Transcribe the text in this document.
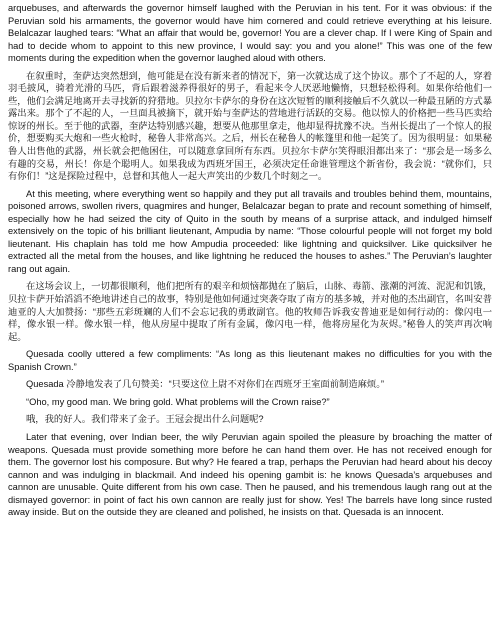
arquebuses, and afterwards the governor himself laughed with the Peruvian in his tent. For it was obvious: if the Peruvian sold his armaments, the governor would have him cornered and could retrieve everything at his leisure. Belalcazar laughed tears: “What an affair that would be, governor! You are a clever chap. If I were King of Spain and had to decide whom to appoint to this new province, I would say: you and you alone!” This was one of the few moments during the expedition when the governor laughed aloud with others.

在叙重时，奎萨达突然想到，他可能是在没有新来者的情况下，第一次就达成了这个协议。那个了不起的人，穿着羽毛披风，骑着光滑的马匹，背后跟着滋养得很好的男子，看起来令人厌恶地懒惰，只想轻松得利。如果你给他们一些，他们会满足地离开去寻找新的狩猎地。贝拉尔卡萨尔的身份在这次短暂的顺利接触后不久就以一种最丑陋的方式暴露出来。那个了不起的人，一旦面具被摘下，就开始与奎萨达的营地进行活跃的交易。他以惊人的价格把一些马匹卖给惊讶的州长。至于他的武器，奎萨达特别感兴趣，想要从他那里拿走，他却显得扰豫不决。当州长提出了一个惊人的报价，想要购买大炮和一些火枪时，秘鲁人非常高兴。之后，州长在秘鲁人的帐篷里和他一起笑了。因为很明显：如果秘鲁人出售他的武器，州长就会把他困住，可以随意拿回所有东西。贝拉尔卡萨尔笑得眼泪都出来了：“那会是一场多么有趣的交易，州长！你是个聪明人。如果我成为西班牙国王，必须决定任命谁管理这个新省份，我会说：“就你们，只有你们！”这是探险过程中，总督和其他人一起大声笑出的少数几个时刻之一。

At this meeting, where everything went so happily and they put all travails and troubles behind them, mountains, poisoned arrows, swollen rivers, quagmires and hunger, Belalcazar began to prate and recount something of himself, especially how he had seized the city of Quito in the south by means of a surprise attack, and indulged himself extensively on the topic of his brilliant lieutenant, Ampudia by name: “Those colourful people will not forget my bold lieutenant. His chaplain has told me how Ampudia proceeded: like lightning and quicksilver. Like quicksilver he extracted all the metal from the houses, and like lightning he reduced the houses to ashes.” The Peruvian’s laughter rang out again.

在这场会议上，一切都很顺利，他们把所有的艰辛和烦恼都抛在了脑后，山脉、毒箭、涨潮的河流、泥泥和饥饿，贝拉卡萨开始滔滔不绝地讲述自己的故事，特别是他如何通过突袭夺取了南方的基多城，并对他的杰出副官，名叫安普迪亚的人大加赞扬：“那些五彩斑斓的人们不会忘记我的勇敢副官。他的牧师告诉我安普迪亚是如何行动的：像闪电一样，像水银一样。像水银一样，他从房屋中提取了所有金属，像闪电一样，他将房屋化为灰烬。”秘鲁人的笑声再次响起。

Quesada coolly uttered a few compliments: “As long as this lieutenant makes no difficulties for you with the Spanish Crown.”

Quesada 冷静地发表了几句赞美：“只要这位上尉不对你们在西班牙王室面前制造麻烦。”

“Oho, my good man. We bring gold. What problems will the Crown raise?”

哦，我的好人。我们带来了金子。王冠会提出什么问题呢?

Later that evening, over Indian beer, the wily Peruvian again spoiled the pleasure by broaching the matter of weapons. Quesada must provide something more before he can hand them over. He has not received enough for them. The governor lost his composure. But why? He feared a trap, perhaps the Peruvian had heard about his decoy cannon and was indulging in blackmail. And indeed his opening gambit is: he knows Quesada’s arquebuses and cannon are unusable. Quite different from his own case. Then he paused, and his tremendous laugh rang out at the dismayed governor: in point of fact his own cannon are really just for show. Yes! The barrels have long since rusted away inside. But on the outside they are cleaned and polished, he insists on that. Quesada is an innocent.
